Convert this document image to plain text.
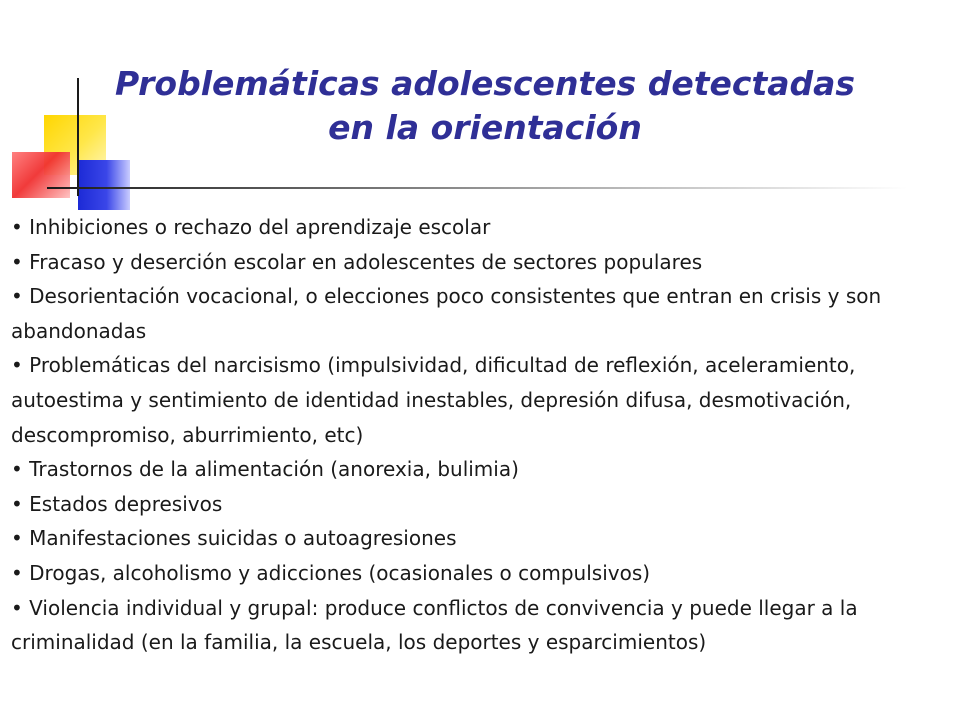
Problemáticas adolescentes detectadas
en la orientación
• Inhibiciones o rechazo del aprendizaje escolar
• Fracaso y deserción escolar en adolescentes de sectores populares
• Desorientación vocacional, o elecciones poco consistentes que entran en crisis y son abandonadas
• Problemáticas del narcisismo (impulsividad, dificultad de reflexión, aceleramiento, autoestima y sentimiento de identidad inestables, depresión difusa, desmotivación, descompromiso, aburrimiento, etc)
• Trastornos de la alimentación (anorexia, bulimia)
• Estados depresivos
• Manifestaciones suicidas o autoagresiones
• Drogas, alcoholismo y adicciones (ocasionales o compulsivos)
• Violencia individual y grupal: produce conflictos de convivencia y puede llegar a la criminalidad (en la familia, la escuela, los deportes y esparcimientos)
